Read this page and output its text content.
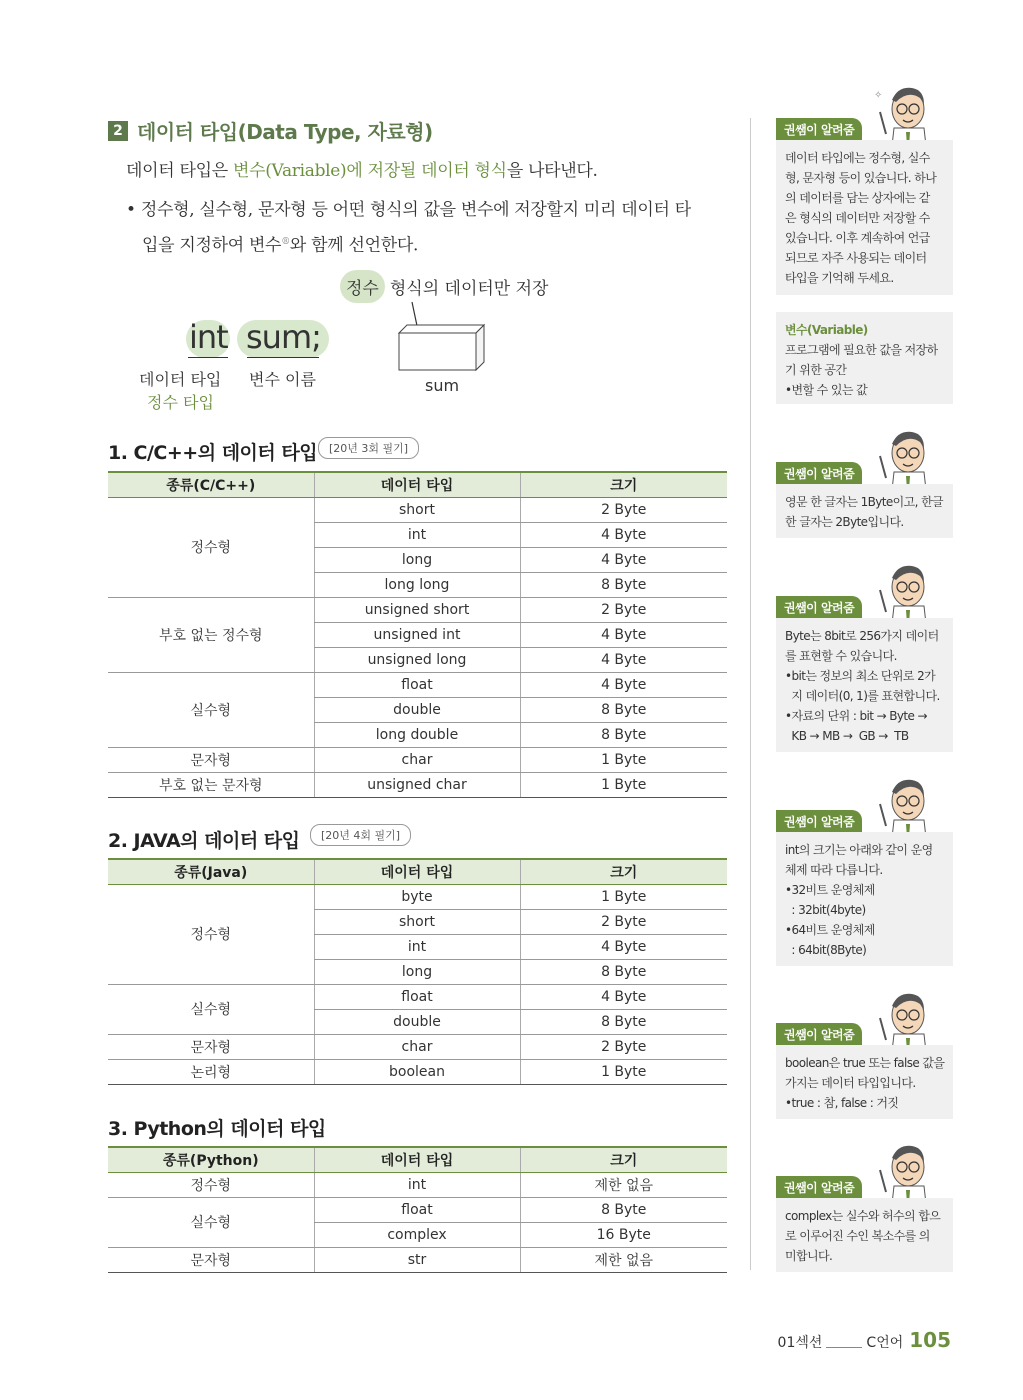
2 데이터 타입(Data Type, 자료형)
데이터 타입은 변수(Variable)에 저장될 데이터 형식을 나타낸다.
• 정수형, 실수형, 문자형 등 어떤 형식의 값을 변수에 저장할지 미리 데이터 타
입을 지정하여 변수®와 함께 선언한다.
정수 형식의 데이터만 저장
int sum;
데이터 타입 변수 이름
정수 타입
sum
1. C/C++의 데이터 타입	[20년 3회 필기]
종류(C/C++)	데이터 타입	크기
정수형	short	2 Byte
	int	4 Byte
	long	4 Byte
	long long	8 Byte
부호 없는 정수형	unsigned short	2 Byte
	unsigned int	4 Byte
	unsigned long	4 Byte
실수형	float	4 Byte
	double	8 Byte
	long double	8 Byte
문자형	char	1 Byte
부호 없는 문자형	unsigned char	1 Byte
2. JAVA의 데이터 타입	[20년 4회 필기]
종류(Java)	데이터 타입	크기
정수형	byte	1 Byte
	short	2 Byte
	int	4 Byte
	long	8 Byte
실수형	float	4 Byte
	double	8 Byte
문자형	char	2 Byte
논리형	boolean	1 Byte
3. Python의 데이터 타입
종류(Python)	데이터 타입	크기
정수형	int	제한 없음
실수형	float	8 Byte
	complex	16 Byte
문자형	str	제한 없음
✧
권쌤이 알려줌
데이터 타입에는 정수형, 실수
형, 문자형 등이 있습니다. 하나
의 데이터를 담는 상자에는 같
은 형식의 데이터만 저장할 수
있습니다. 이후 계속하여 언급
되므로 자주 사용되는 데이터
타입을 기억해 두세요.
변수(Variable)
프로그램에 필요한 값을 저장하
기 위한 공간
•변할 수 있는 값
권쌤이 알려줌
영문 한 글자는 1Byte이고, 한글
한 글자는 2Byte입니다.
권쌤이 알려줌
Byte는 8bit로 256가지 데이터
를 표현할 수 있습니다.
•bit는 정보의 최소 단위로 2가
지 데이터(0, 1)를 표현합니다.
•자료의 단위 : bit → Byte →
KB → MB →  GB →  TB
권쌤이 알려줌
int의 크기는 아래와 같이 운영
체제 따라 다릅니다.
•32비트 운영체제
: 32bit(4byte)
•64비트 운영체제
: 64bit(8Byte)
권쌤이 알려줌
boolean은 true 또는 false 값을
가지는 데이터 타입입니다.
•true : 참, false : 거짓
권쌤이 알려줌
complex는 실수와 허수의 합으
로 이루어진 수인 복소수를 의
미합니다.
01섹션	C언어 105
